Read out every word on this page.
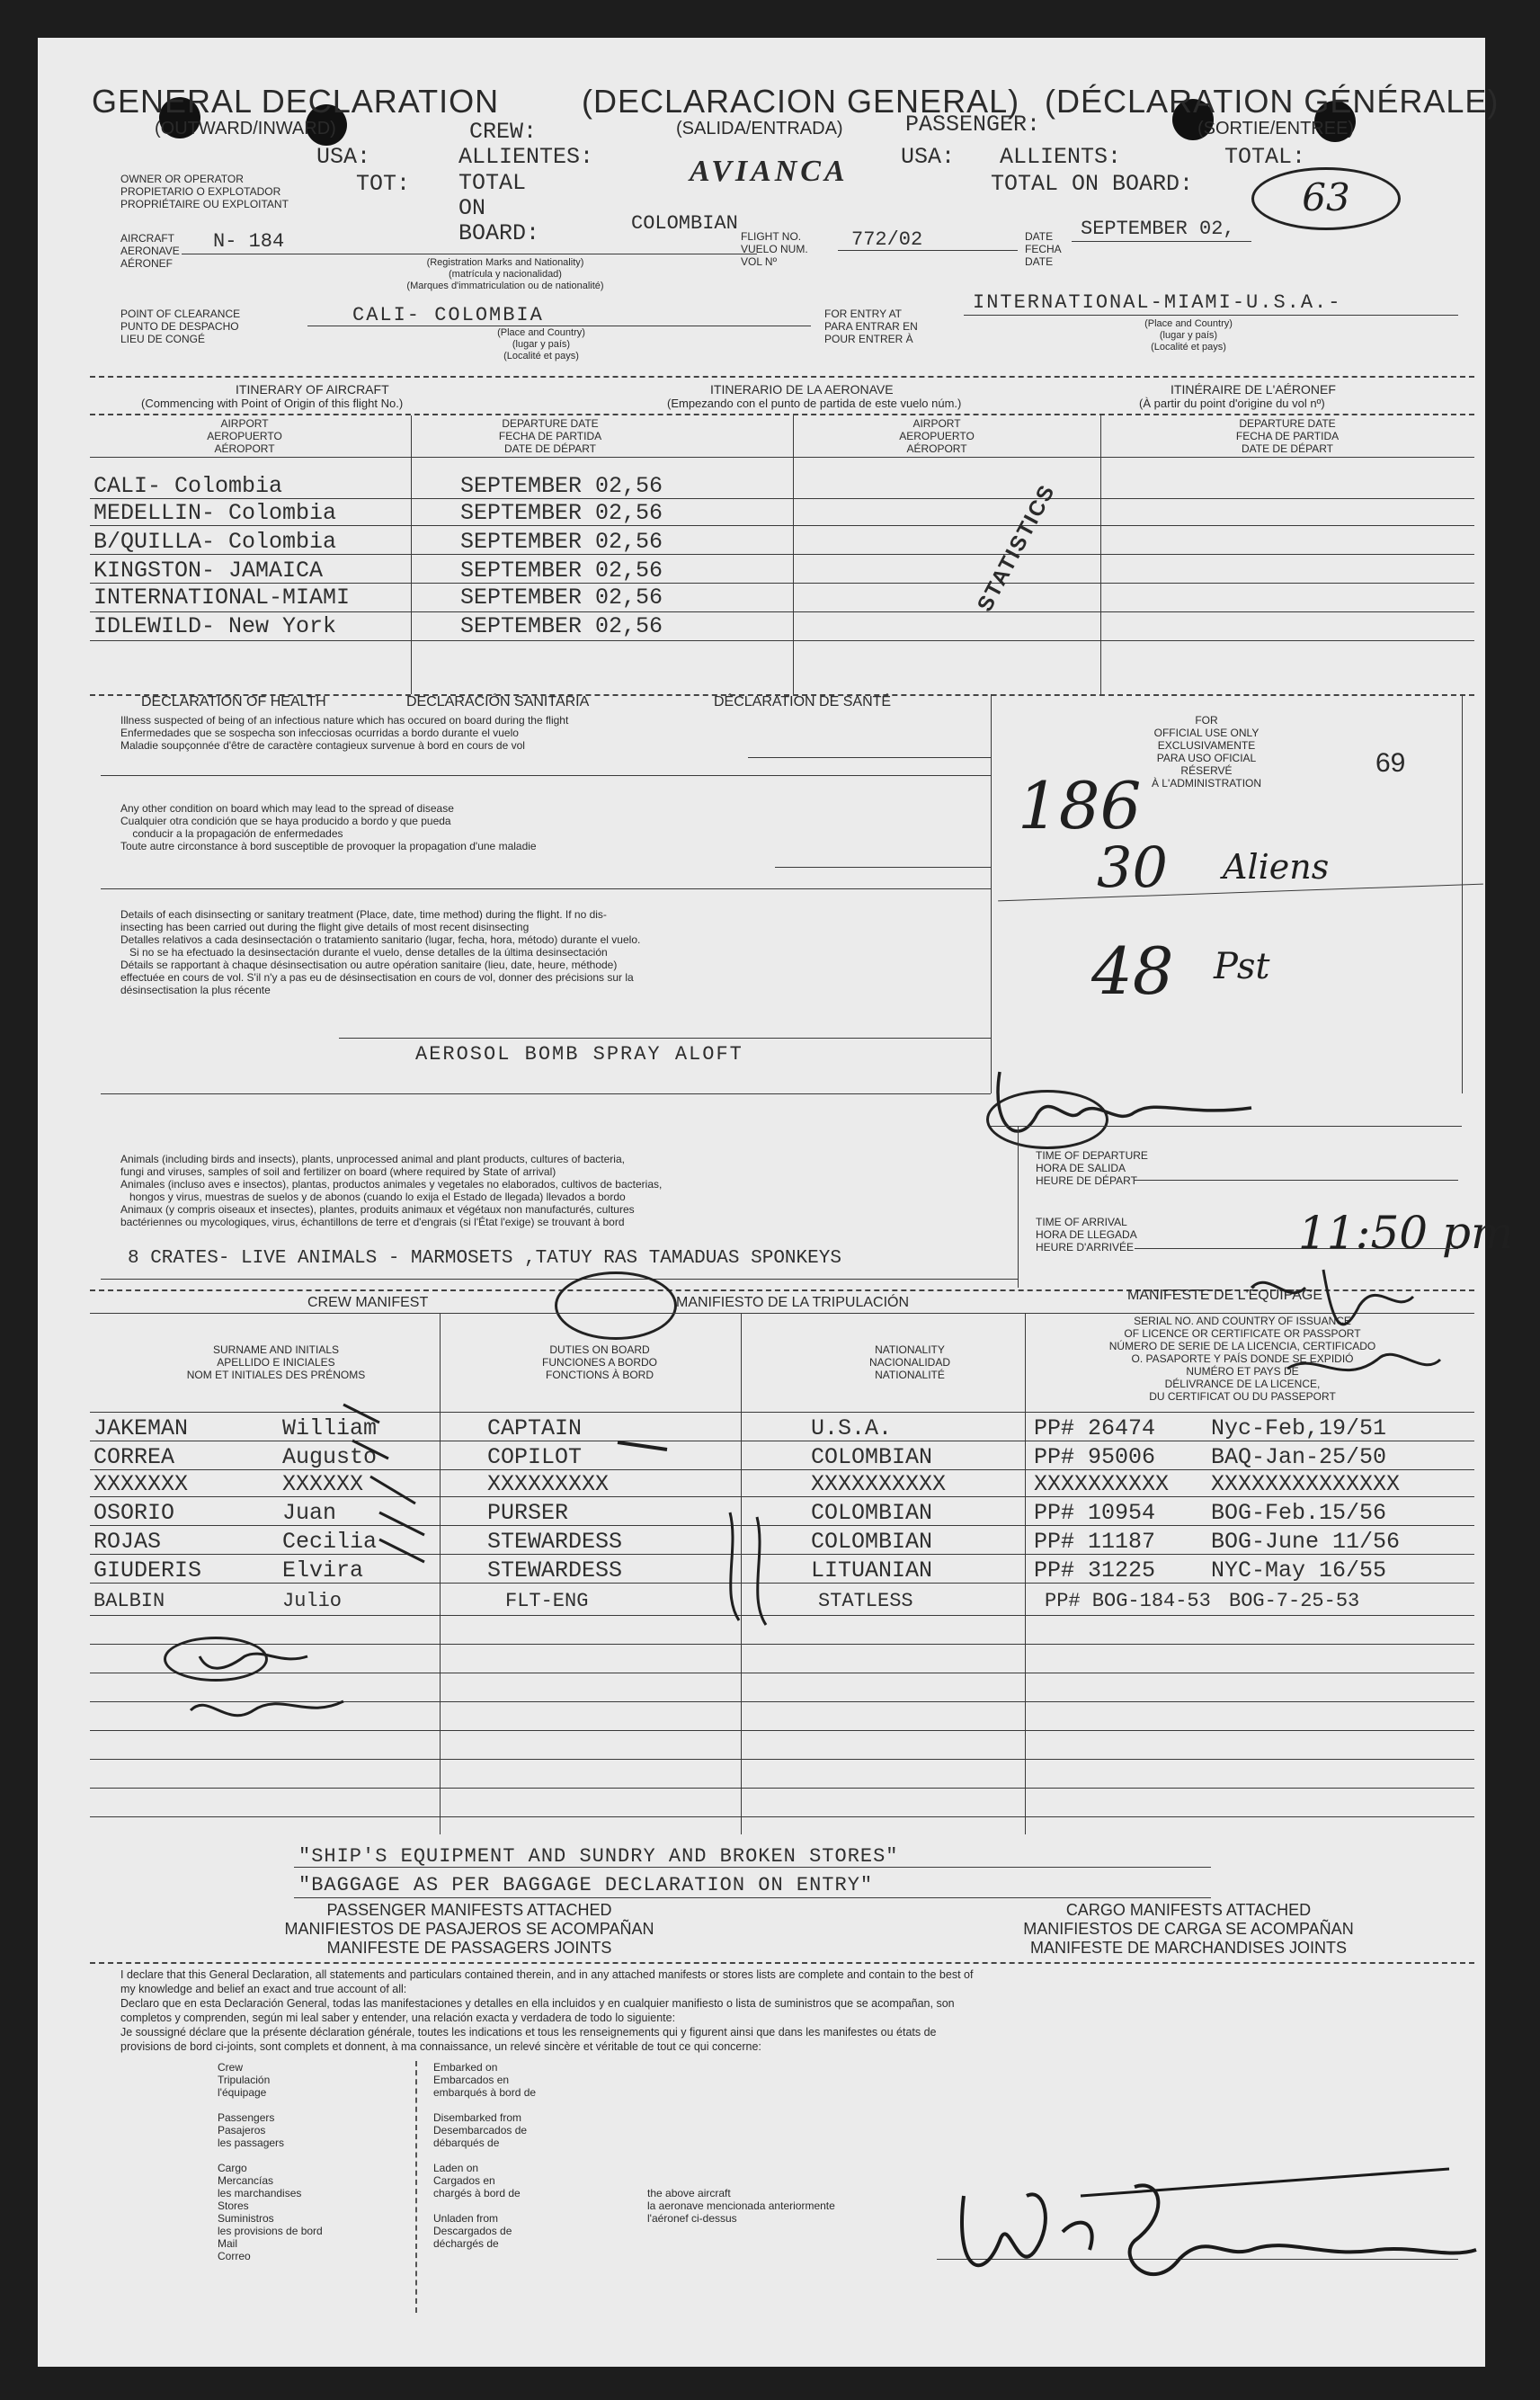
GENERAL DECLARATION	(DECLARACION GENERAL) (DÉCLARATION GÉNÉRALE)
(OUTWARD/INWARD)	(SALIDA/ENTRADA)	(SORTIE/ENTREE)
CREW:	PASSENGER:
USA:	ALLIENTES:
TOT: TOTAL ON BOARD:
AVIANCA USA: ALLIENTS:	TOTAL:
TOTAL ON BOARD:	63
OWNER OR OPERATOR
PROPIETARIO O EXPLOTADOR
PROPRIÉTAIRE OU EXPLOITANT
COLOMBIAN
AIRCRAFT
AERONAVE
AÉRONEF
N- 184
(Registration Marks and Nationality)
(matrícula y nacionalidad)
(Marques d'immatriculation ou de nationalité)
FLIGHT NO.
VUELO NUM.
VOL Nº
772/02	DATE
FECHA
DATE
SEPTEMBER 02,
POINT OF CLEARANCE
PUNTO DE DESPACHO
LIEU DE CONGÉ
CALI- COLOMBIA
(Place and Country)
(lugar y país)
(Localité et pays)
FOR ENTRY AT
PARA ENTRAR EN
POUR ENTRER À
INTERNATIONAL-MIAMI-U.S.A.-
(Place and Country)
(lugar y país)
(Localité et pays)
ITINERARY OF AIRCRAFT	ITINERARIO DE LA AERONAVE	ITINÉRAIRE DE L'AÉRONEF
(Commencing with Point of Origin of this flight No.)	(Empezando con el punto de partida de este vuelo núm.)	(À partir du point d'origine du vol nº)
AIRPORT
AEROPUERTO
AÉROPORT
DEPARTURE DATE
FECHA DE PARTIDA
DATE DE DÉPART
AIRPORT
AEROPUERTO
AÉROPORT
DEPARTURE DATE
FECHA DE PARTIDA
DATE DE DÉPART
CALI- Colombia	SEPTEMBER 02,56
MEDELLIN- Colombia	SEPTEMBER 02,56
B/QUILLA- Colombia	SEPTEMBER 02,56
KINGSTON- JAMAICA	SEPTEMBER 02,56
INTERNATIONAL-MIAMI	SEPTEMBER 02,56
IDLEWILD- New York	SEPTEMBER 02,56
STATISTICS
DECLARATION OF HEALTH	DECLARACIÓN SANITARIA	DÉCLARATION DE SANTÉ
Illness suspected of being of an infectious nature which has occured on board during the flight
Enfermedades que se sospecha son infecciosas ocurridas a bordo durante el vuelo
Maladie soupçonnée d'être de caractère contagieux survenue à bord en cours de vol
Any other condition on board which may lead to the spread of disease
Cualquier otra condición que se haya producido a bordo y que pueda
conducir a la propagación de enfermedades
Toute autre circonstance à bord susceptible de provoquer la propagation d'une maladie
Details of each disinsecting or sanitary treatment (Place, date, time method) during the flight. If no dis-
insecting has been carried out during the flight give details of most recent disinsecting
Detalles relativos a cada desinsectación o tratamiento sanitario (lugar, fecha, hora, método) durante el vuelo.
Si no se ha efectuado la desinsectación durante el vuelo, dense detalles de la última desinsectación
Détails se rapportant à chaque désinsectisation ou autre opération sanitaire (lieu, date, heure, méthode)
effectuée en cours de vol. S'il n'y a pas eu de désinsectisation en cours de vol, donner des précisions sur la
désinsectisation la plus récente
AEROSOL BOMB SPRAY ALOFT
FOR
OFFICIAL USE ONLY
EXCLUSIVAMENTE
PARA USO OFICIAL
RÉSERVÉ
À L'ADMINISTRATION
69
186
30 Aliens
48 Pst
TIME OF DEPARTURE
HORA DE SALIDA
HEURE DE DÉPART
TIME OF ARRIVAL
HORA DE LLEGADA
HEURE D'ARRIVÉE	11:50 pm
Animals (including birds and insects), plants, unprocessed animal and plant products, cultures of bacteria,
fungi and viruses, samples of soil and fertilizer on board (where required by State of arrival)
Animales (incluso aves e insectos), plantas, productos animales y vegetales no elaborados, cultivos de bacterias,
hongos y virus, muestras de suelos y de abonos (cuando lo exija el Estado de llegada) llevados a bordo
Animaux (y compris oiseaux et insectes), plantes, produits animaux et végétaux non manufacturés, cultures
bactériennes ou mycologiques, virus, échantillons de terre et d'engrais (si l'État l'exige) se trouvant à bord
8 CRATES- LIVE ANIMALS - MARMOSETS ,TATUY RAS TAMADUAS SPONKEYS
CREW MANIFEST	MANIFIESTO DE LA TRIPULACIÓN	MANIFESTE DE L'ÉQUIPAGE
SURNAME AND INITIALS
APELLIDO E INICIALES
NOM ET INITIALES DES PRÉNOMS
DUTIES ON BOARD
FUNCIONES A BORDO
FONCTIONS À BORD
NATIONALITY
NACIONALIDAD
NATIONALITÉ
SERIAL NO. AND COUNTRY OF ISSUANCE
OF LICENCE OR CERTIFICATE OR PASSPORT
NÚMERO DE SERIE DE LA LICENCIA, CERTIFICADO
O. PASAPORTE Y PAÍS DONDE SE EXPIDIÓ
NUMÉRO ET PAYS DE
DÉLIVRANCE DE LA LICENCE,
DU CERTIFICAT OU DU PASSEPORT
JAKEMAN	William	CAPTAIN	U.S.A.	PP# 26474 Nyc-Feb,19/51
CORREA	Augusto	COPILOT	COLOMBIAN	PP# 95006 BAQ-Jan-25/50
XXXXXXX	XXXXXX	XXXXXXXXX	XXXXXXXXXX	XXXXXXXXXX XXXXXXXXXXXXXX
OSORIO	Juan	PURSER	COLOMBIAN	PP# 10954 BOG-Feb.15/56
ROJAS	Cecilia	STEWARDESS	COLOMBIAN	PP# 11187 BOG-June 11/56
GIUDERIS	Elvira	STEWARDESS	LITUANIAN	PP# 31225 NYC-May 16/55
BALBIN	Julio	FLT-ENG	STATLESS	PP# BOG-184-53 BOG-7-25-53
"SHIP'S EQUIPMENT AND SUNDRY AND BROKEN STORES"
"BAGGAGE AS PER BAGGAGE DECLARATION ON ENTRY"
PASSENGER MANIFESTS ATTACHED
MANIFIESTOS DE PASAJEROS SE ACOMPAÑAN
MANIFESTE DE PASSAGERS JOINTS
CARGO MANIFESTS ATTACHED
MANIFIESTOS DE CARGA SE ACOMPAÑAN
MANIFESTE DE MARCHANDISES JOINTS
I declare that this General Declaration, all statements and particulars contained therein, and in any attached manifests or stores lists are complete and contain to the best of
my knowledge and belief an exact and true account of all:
Declaro que en esta Declaración General, todas las manifestaciones y detalles en ella incluidos y en cualquier manifiesto o lista de suministros que se acompañan, son
completos y comprenden, según mi leal saber y entender, una relación exacta y verdadera de todo lo siguiente:
Je soussigné déclare que la présente déclaration générale, toutes les indications et tous les renseignements qui y figurent ainsi que dans les manifestes ou états de
provisions de bord ci-joints, sont complets et donnent, à ma connaissance, un relevé sincère et véritable de tout ce qui concerne:
Crew
Tripulación
l'équipage

Passengers
Pasajeros
les passagers

Cargo
Mercancías
les marchandises
Stores
Suministros
les provisions de bord
Mail
Correo
Embarked on
Embarcados en
embarqués à bord de

Disembarked from
Desembarcados de
débarqués de

Laden on
Cargados en
chargés à bord de

Unladen from
Descargados de
déchargés de
the above aircraft
la aeronave mencionada anteriormente
l'aéronef ci-dessus
